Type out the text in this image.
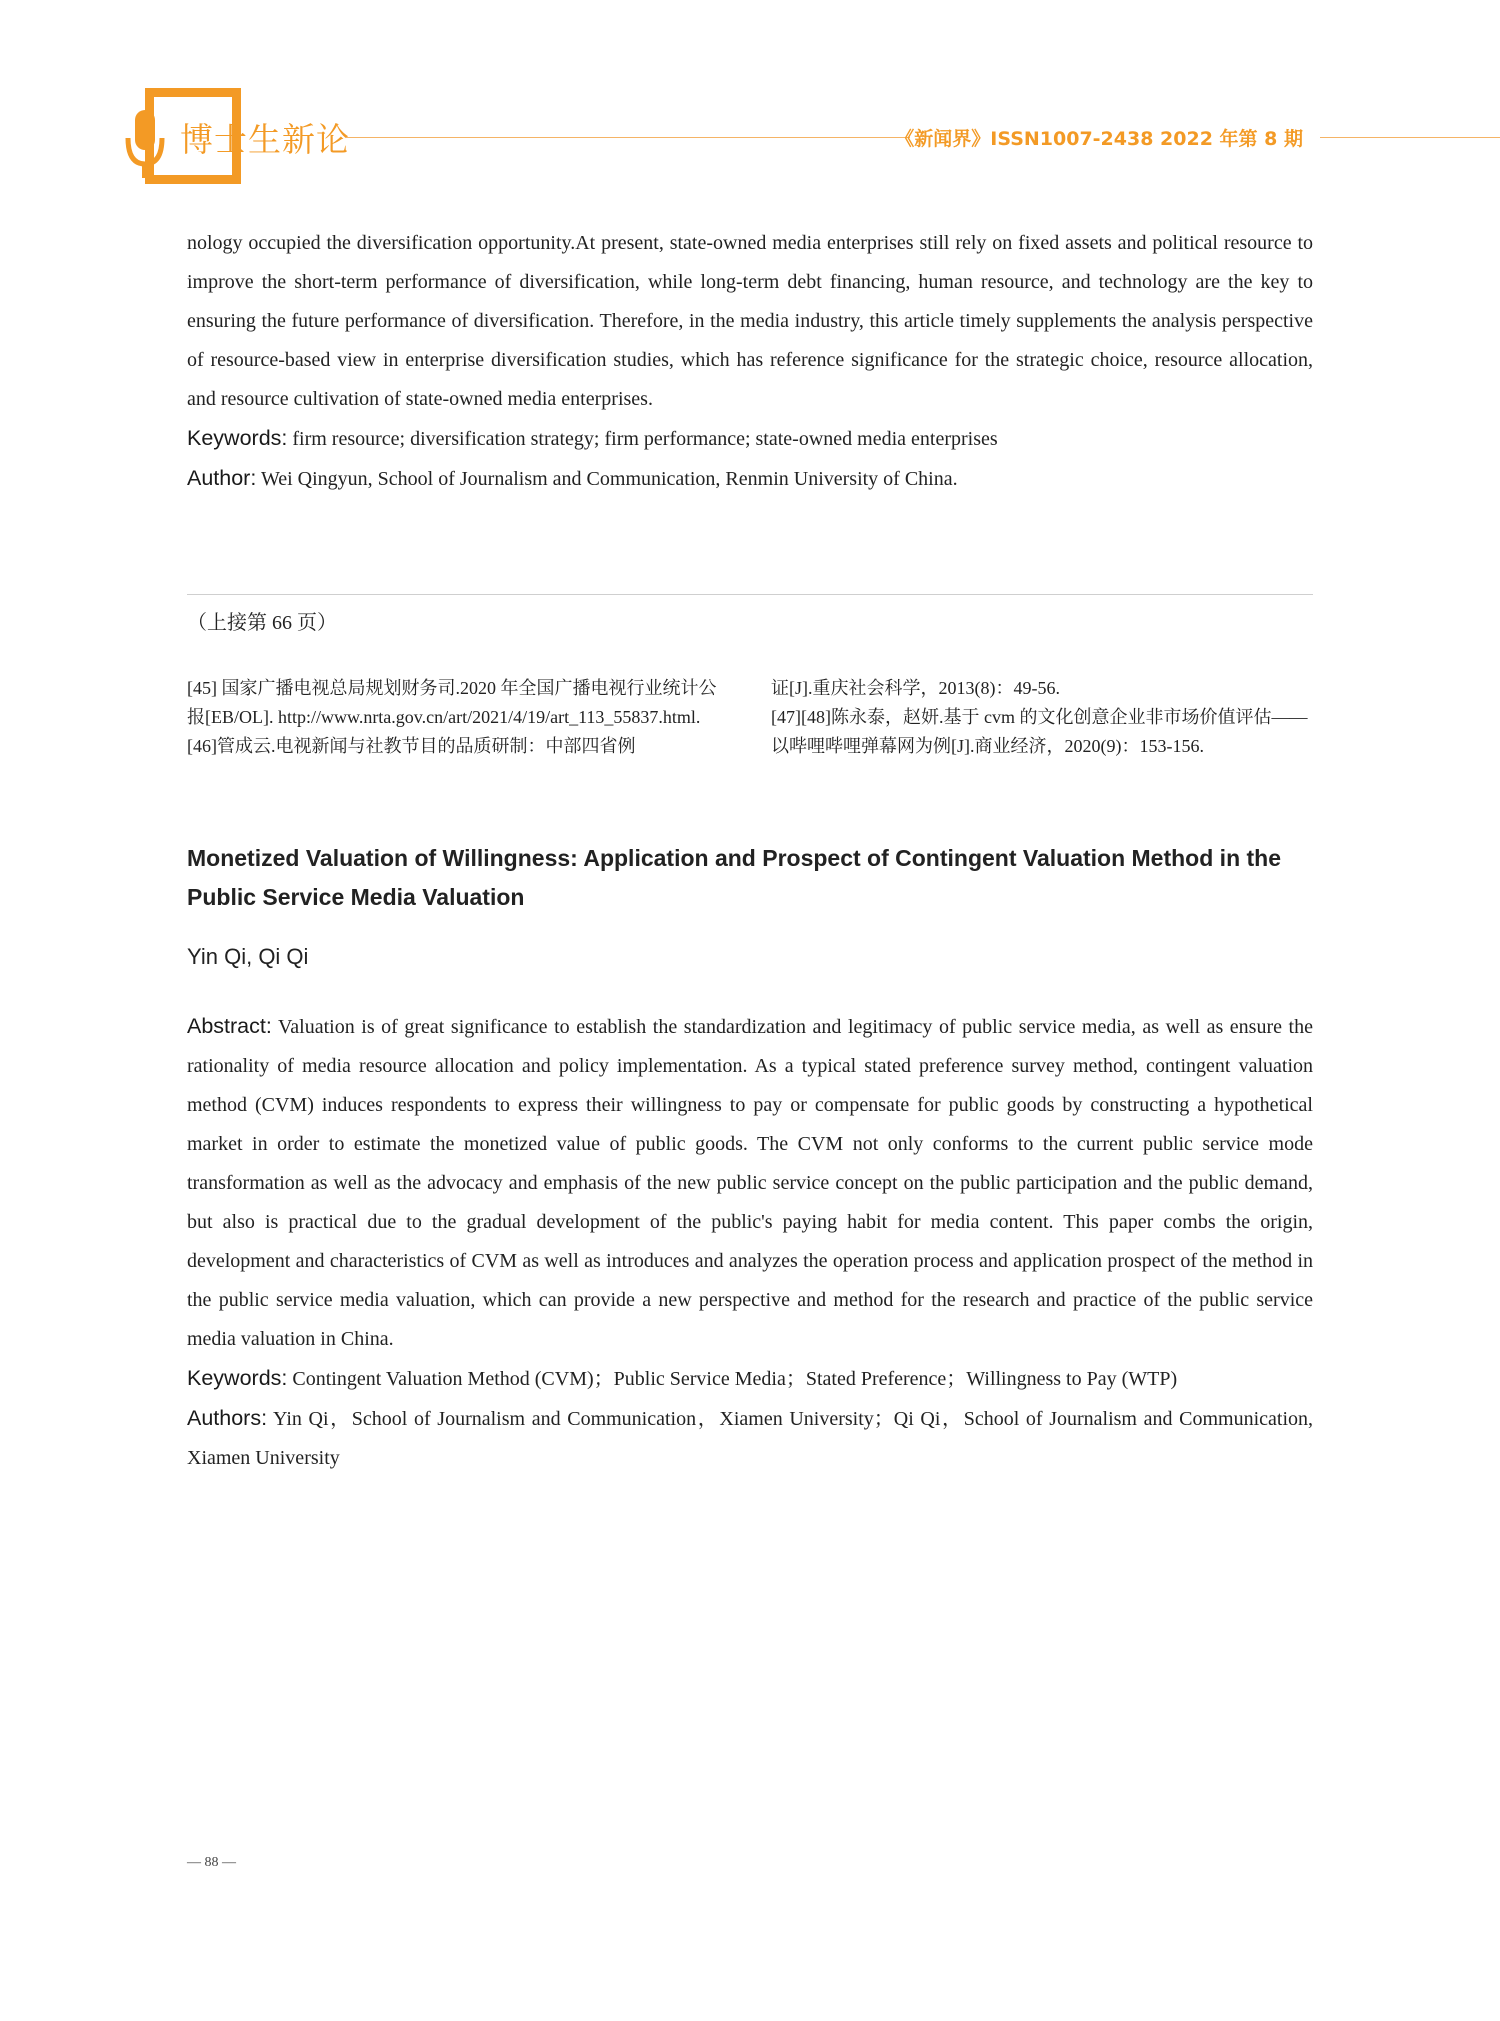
博士生新论	《新闻界》ISSN1007-2438 2022 年第 8 期

nology occupied the diversification opportunity.At present, state-owned media enterprises still rely on fixed assets and political resource to improve the short-term performance of diversification, while long-term debt financing, human resource, and technology are the key to ensuring the future performance of diversification. Therefore, in the media industry, this article timely supplements the analysis perspective of resource-based view in enterprise diversification studies, which has reference significance for the strategic choice, resource allocation, and resource cultivation of state-owned media enterprises.

Keywords: firm resource; diversification strategy; firm performance; state-owned media enterprises

Author: Wei Qingyun, School of Journalism and Communication, Renmin University of China.

（上接第 66 页）
[45] 国家广播电视总局规划财务司.2020 年全国广播电视行业统计公报[EB/OL]. http://www.nrta.gov.cn/art/2021/4/19/art_113_55837.html.
[46]管成云.电视新闻与社教节目的品质研制：中部四省例
证[J].重庆社会科学，2013(8)：49-56.
[47][48]陈永泰，赵妍.基于 cvm 的文化创意企业非市场价值评估——以哔哩哔哩弹幕网为例[J].商业经济，2020(9)：153-156.
Monetized Valuation of Willingness: Application and Prospect of Contingent Valuation Method in the Public Service Media Valuation
Yin Qi, Qi Qi

Abstract: Valuation is of great significance to establish the standardization and legitimacy of public service media, as well as ensure the rationality of media resource allocation and policy implementation. As a typical stated preference survey method, contingent valuation method (CVM) induces respondents to express their willingness to pay or compensate for public goods by constructing a hypothetical market in order to estimate the monetized value of public goods. The CVM not only conforms to the current public service mode transformation as well as the advocacy and emphasis of the new public service concept on the public participation and the public demand, but also is practical due to the gradual development of the public's paying habit for media content. This paper combs the origin, development and characteristics of CVM as well as introduces and analyzes the operation process and application prospect of the method in the public service media valuation, which can provide a new perspective and method for the research and practice of the public service media valuation in China.

Keywords: Contingent Valuation Method (CVM)；Public Service Media；Stated Preference；Willingness to Pay (WTP)

Authors: Yin Qi，School of Journalism and Communication，Xiamen University；Qi Qi，School of Journalism and Communication, Xiamen University

— 88 —
